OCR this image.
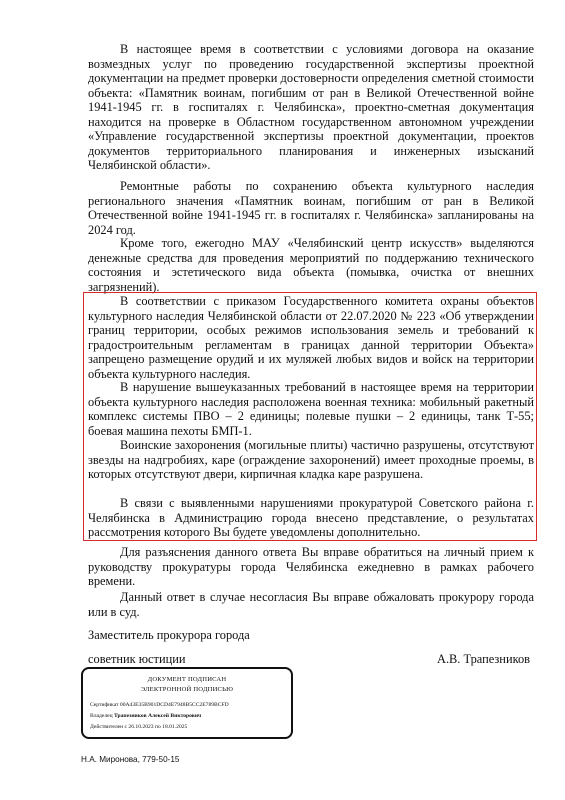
В настоящее время в соответствии с условиями договора на оказание возмездных услуг по проведению государственной экспертизы проектной документации на предмет проверки достоверности определения сметной стоимости объекта: «Памятник воинам, погибшим от ран в Великой Отечественной войне 1941-1945 гг. в госпиталях г. Челябинска», проектно-сметная документация находится на проверке в Областном государственном автономном учреждении «Управление государственной экспертизы проектной документации, проектов документов территориального планирования и инженерных изысканий Челябинской области».

Ремонтные работы по сохранению объекта культурного наследия регионального значения «Памятник воинам, погибшим от ран в Великой Отечественной войне 1941-1945 гг. в госпиталях г. Челябинска» запланированы на 2024 год.

Кроме того, ежегодно МАУ «Челябинский центр искусств» выделяются денежные средства для проведения мероприятий по поддержанию технического состояния и эстетического вида объекта (помывка, очистка от внешних загрязнений).

В соответствии с приказом Государственного комитета охраны объектов культурного наследия Челябинской области от 22.07.2020 № 223 «Об утверждении границ территории, особых режимов использования земель и требований к градостроительным регламентам в границах данной территории Объекта» запрещено размещение орудий и их муляжей любых видов и войск на территории объекта культурного наследия.

В нарушение вышеуказанных требований в настоящее время на территории объекта культурного наследия расположена военная техника: мобильный ракетный комплекс системы ПВО – 2 единицы; полевые пушки – 2 единицы, танк Т-55; боевая машина пехоты БМП-1.

Воинские захоронения (могильные плиты) частично разрушены, отсутствуют звезды на надгробиях, каре (ограждение захоронений) имеет проходные проемы, в которых отсутствуют двери, кирпичная кладка каре разрушена.

В связи с выявленными нарушениями прокуратурой Советского района г. Челябинска в Администрацию города внесено представление, о результатах рассмотрения которого Вы будете уведомлены дополнительно.

Для разъяснения данного ответа Вы вправе обратиться на личный прием к руководству прокуратуры города Челябинска ежедневно в рамках рабочего времени.

Данный ответ в случае несогласия Вы вправе обжаловать прокурору города или в суд.

Заместитель прокурора города
советник юстиции	А.В. Трапезников
ДОКУМЕНТ ПОДПИСАН
ЭЛЕКТРОННОЙ ПОДПИСЬЮ
Сертификат 00A43E35B901DCD4E7948B5CC2E789BCFD
Владелец Трапезников Алексей Викторович
Действителен с 26.10.2023 по 18.01.2025
Н.А. Миронова, 779-50-15
